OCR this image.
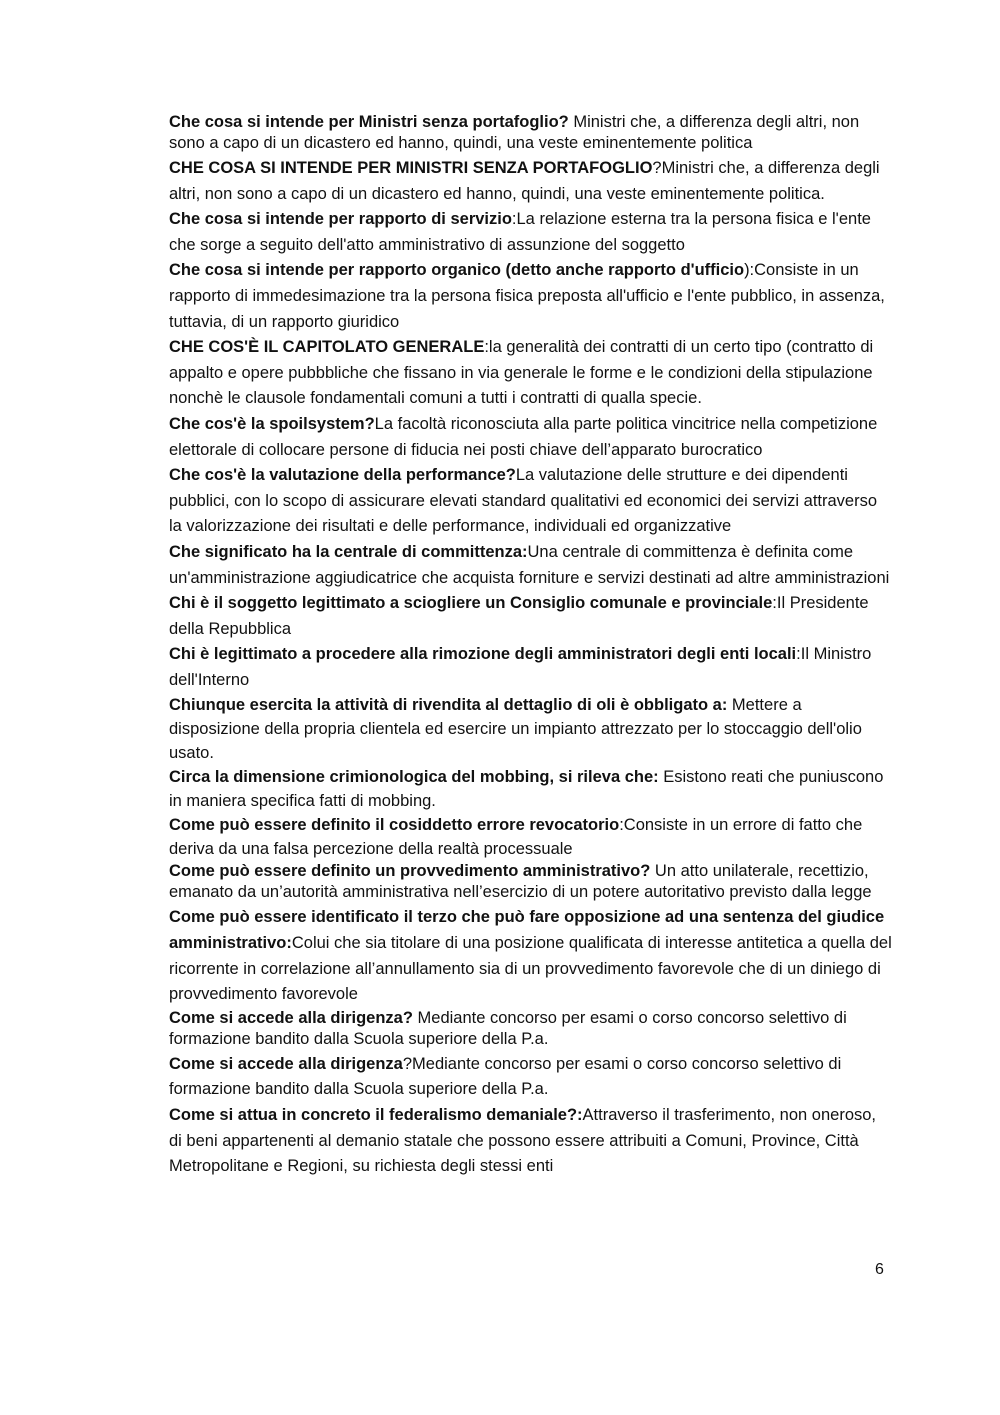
Che cosa si intende per Ministri senza portafoglio? Ministri che, a differenza degli altri, non sono a capo di un dicastero ed hanno, quindi, una veste eminentemente politica

CHE COSA SI INTENDE PER MINISTRI SENZA PORTAFOGLIO?Ministri che, a differenza degli altri, non sono a capo di un dicastero ed hanno, quindi, una veste eminentemente politica.

Che cosa si intende per rapporto di servizio:La relazione esterna tra la persona fisica e l'ente che sorge a seguito dell'atto amministrativo di assunzione del soggetto

Che cosa si intende per rapporto organico (detto anche rapporto d'ufficio):Consiste in un rapporto di immedesimazione tra la persona fisica preposta all'ufficio e l'ente pubblico, in assenza, tuttavia, di un rapporto giuridico

CHE COS'È IL CAPITOLATO GENERALE:la generalità dei contratti di un certo tipo (contratto di appalto e opere pubbbliche che fissano in via generale le forme e le condizioni della stipulazione nonchè le clausole fondamentali comuni a tutti i contratti di qualla specie.

Che cos'è la spoilsystem?La facoltà riconosciuta alla parte politica vincitrice nella competizione elettorale di collocare persone di fiducia nei posti chiave dell’apparato burocratico

Che cos'è la valutazione della performance?La valutazione delle strutture e dei dipendenti pubblici, con lo scopo di assicurare elevati standard qualitativi ed economici dei servizi attraverso la valorizzazione dei risultati e delle performance, individuali ed organizzative

Che significato ha la centrale di committenza:Una centrale di committenza è definita come un'amministrazione aggiudicatrice che acquista forniture e servizi destinati ad altre amministrazioni

Chi è il soggetto legittimato a sciogliere un Consiglio comunale e provinciale:Il Presidente della Repubblica

Chi è legittimato a procedere alla rimozione degli amministratori degli enti locali:Il Ministro dell'Interno

Chiunque esercita la attività di rivendita al dettaglio di oli è obbligato a: Mettere a disposizione della propria clientela ed esercire un impianto attrezzato per lo stoccaggio dell'olio usato.

Circa la dimensione crimionologica del mobbing, si rileva che: Esistono reati che puniuscono in maniera specifica fatti di mobbing.

Come può essere definito il cosiddetto errore revocatorio:Consiste in un errore di fatto che deriva da una falsa percezione della realtà processuale

Come può essere definito un provvedimento amministrativo? Un atto unilaterale, recettizio, emanato da un’autorità amministrativa nell’esercizio di un potere autoritativo previsto dalla legge

Come può essere identificato il terzo che può fare opposizione ad una sentenza del giudice amministrativo:Colui che sia titolare di una posizione qualificata di interesse antitetica a quella del ricorrente in correlazione all’annullamento sia di un provvedimento favorevole che di un diniego di provvedimento favorevole

Come si accede alla dirigenza? Mediante concorso per esami o corso concorso selettivo di formazione bandito dalla Scuola superiore della P.a.

Come si accede alla dirigenza?Mediante concorso per esami o corso concorso selettivo di formazione bandito dalla Scuola superiore della P.a.

Come si attua in concreto il federalismo demaniale?:Attraverso il trasferimento, non oneroso, di beni appartenenti al demanio statale che possono essere attribuiti a Comuni, Province, Città Metropolitane e Regioni, su richiesta degli stessi enti

6
